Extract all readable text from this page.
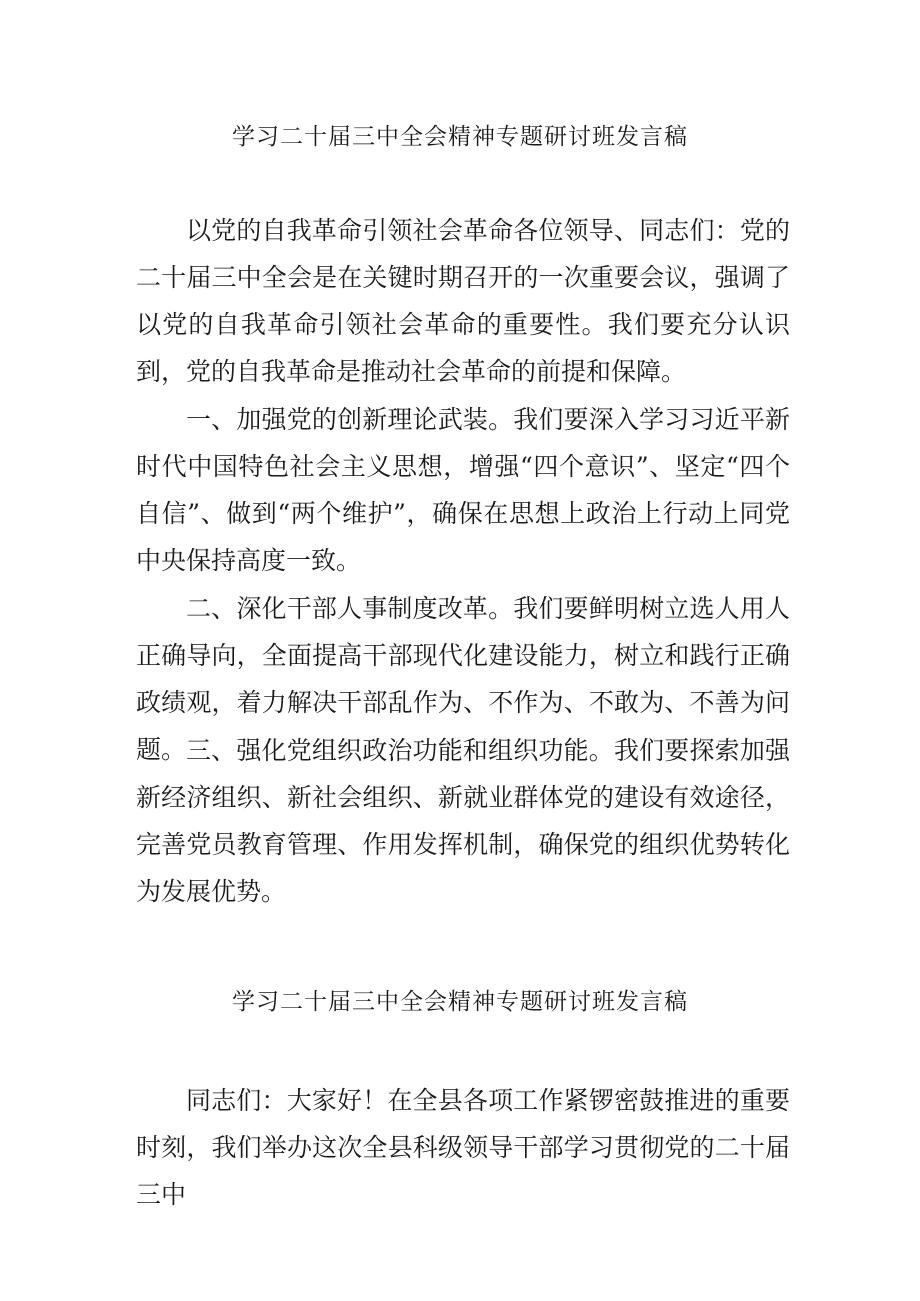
学习二十届三中全会精神专题研讨班发言稿

以党的自我革命引领社会革命各位领导、同志们：党的二十届三中全会是在关键时期召开的一次重要会议，强调了以党的自我革命引领社会革命的重要性。我们要充分认识到，党的自我革命是推动社会革命的前提和保障。

一、加强党的创新理论武装。我们要深入学习习近平新时代中国特色社会主义思想，增强“四个意识”、坚定“四个自信”、做到“两个维护”，确保在思想上政治上行动上同党中央保持高度一致。

二、深化干部人事制度改革。我们要鲜明树立选人用人正确导向，全面提高干部现代化建设能力，树立和践行正确政绩观，着力解决干部乱作为、不作为、不敢为、不善为问题。 三、强化党组织政治功能和组织功能。我们要探索加强新经济组织、新社会组织、新就业群体党的建设有效途径，完善党员教育管理、作用发挥机制，确保党的组织优势转化为发展优势。

学习二十届三中全会精神专题研讨班发言稿

同志们：大家好！在全县各项工作紧锣密鼓推进的重要时刻，我们举办这次全县科级领导干部学习贯彻党的二十届三中
